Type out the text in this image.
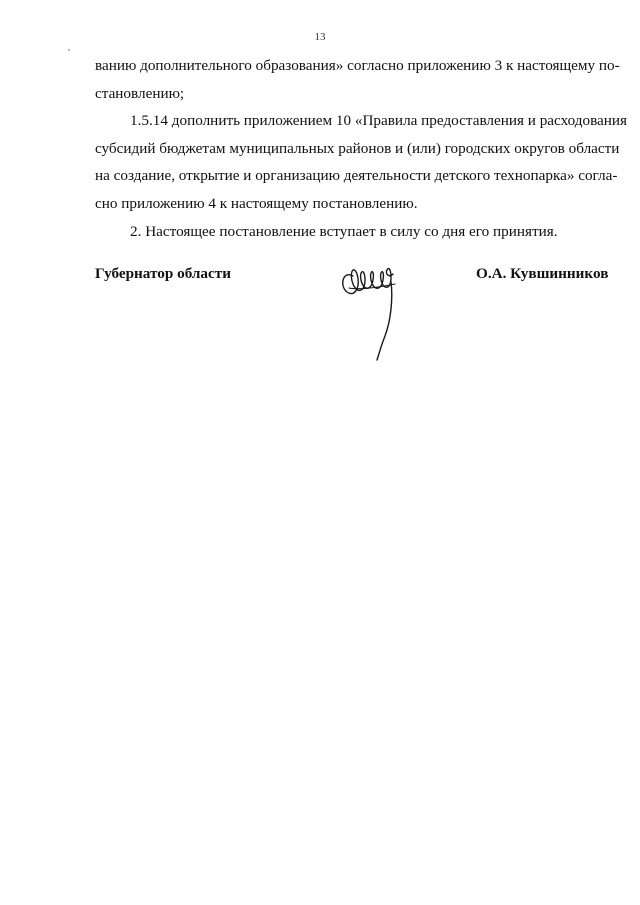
13

ванию дополнительного образования» согласно приложению 3 к настоящему по-
становлению;

1.5.14 дополнить приложением 10 «Правила предоставления и расходования
субсидий бюджетам муниципальных районов и (или) городских округов области
на создание, открытие и организацию деятельности детского технопарка» согла-
сно приложению 4 к настоящему постановлению.

2. Настоящее постановление вступает в силу со дня его принятия.

Губернатор области	О.А. Кувшинников
